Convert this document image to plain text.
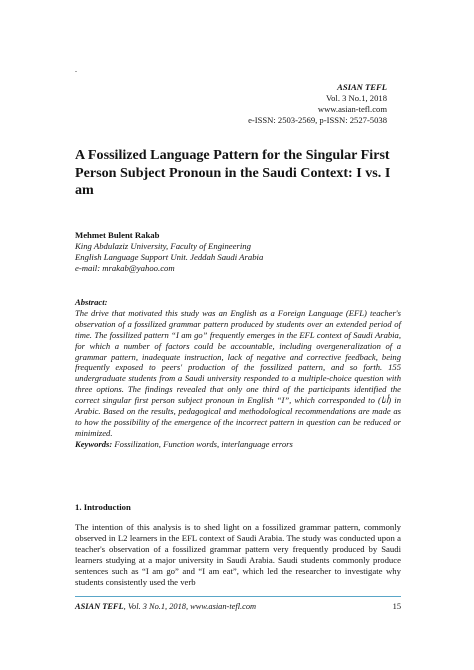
.
ASIAN TEFL
Vol. 3 No.1, 2018
www.asian-tefl.com
e-ISSN: 2503-2569, p-ISSN: 2527-5038
A Fossilized Language Pattern for the Singular First Person Subject Pronoun in the Saudi Context: I vs. I am
Mehmet Bulent Rakab
King Abdulaziz University, Faculty of Engineering
English Language Support Unit. Jeddah Saudi Arabia
e-mail: mrakab@yahoo.com
Abstract:
The drive that motivated this study was an English as a Foreign Language (EFL) teacher's observation of a fossilized grammar pattern produced by students over an extended period of time. The fossilized pattern “I am go” frequently emerges in the EFL context of Saudi Arabia, for which a number of factors could be accountable, including overgeneralization of a grammar pattern, inadequate instruction, lack of negative and corrective feedback, being frequently exposed to peers' production of the fossilized pattern, and so forth. 155 undergraduate students from a Saudi university responded to a multiple-choice question with three options. The findings revealed that only one third of the participants identified the correct singular first person subject pronoun in English “I”, which corresponded to (أنا) in Arabic. Based on the results, pedagogical and methodological recommendations are made as to how the possibility of the emergence of the incorrect pattern in question can be reduced or minimized.
Keywords: Fossilization, Function words, interlanguage errors
1. Introduction
The intention of this analysis is to shed light on a fossilized grammar pattern, commonly observed in L2 learners in the EFL context of Saudi Arabia. The study was conducted upon a teacher's observation of a fossilized grammar pattern very frequently produced by Saudi learners studying at a major university in Saudi Arabia. Saudi students commonly produce sentences such as “I am go” and “I am eat”, which led the researcher to investigate why students consistently used the verb
ASIAN TEFL, Vol. 3 No.1, 2018, www.asian-tefl.com	15
